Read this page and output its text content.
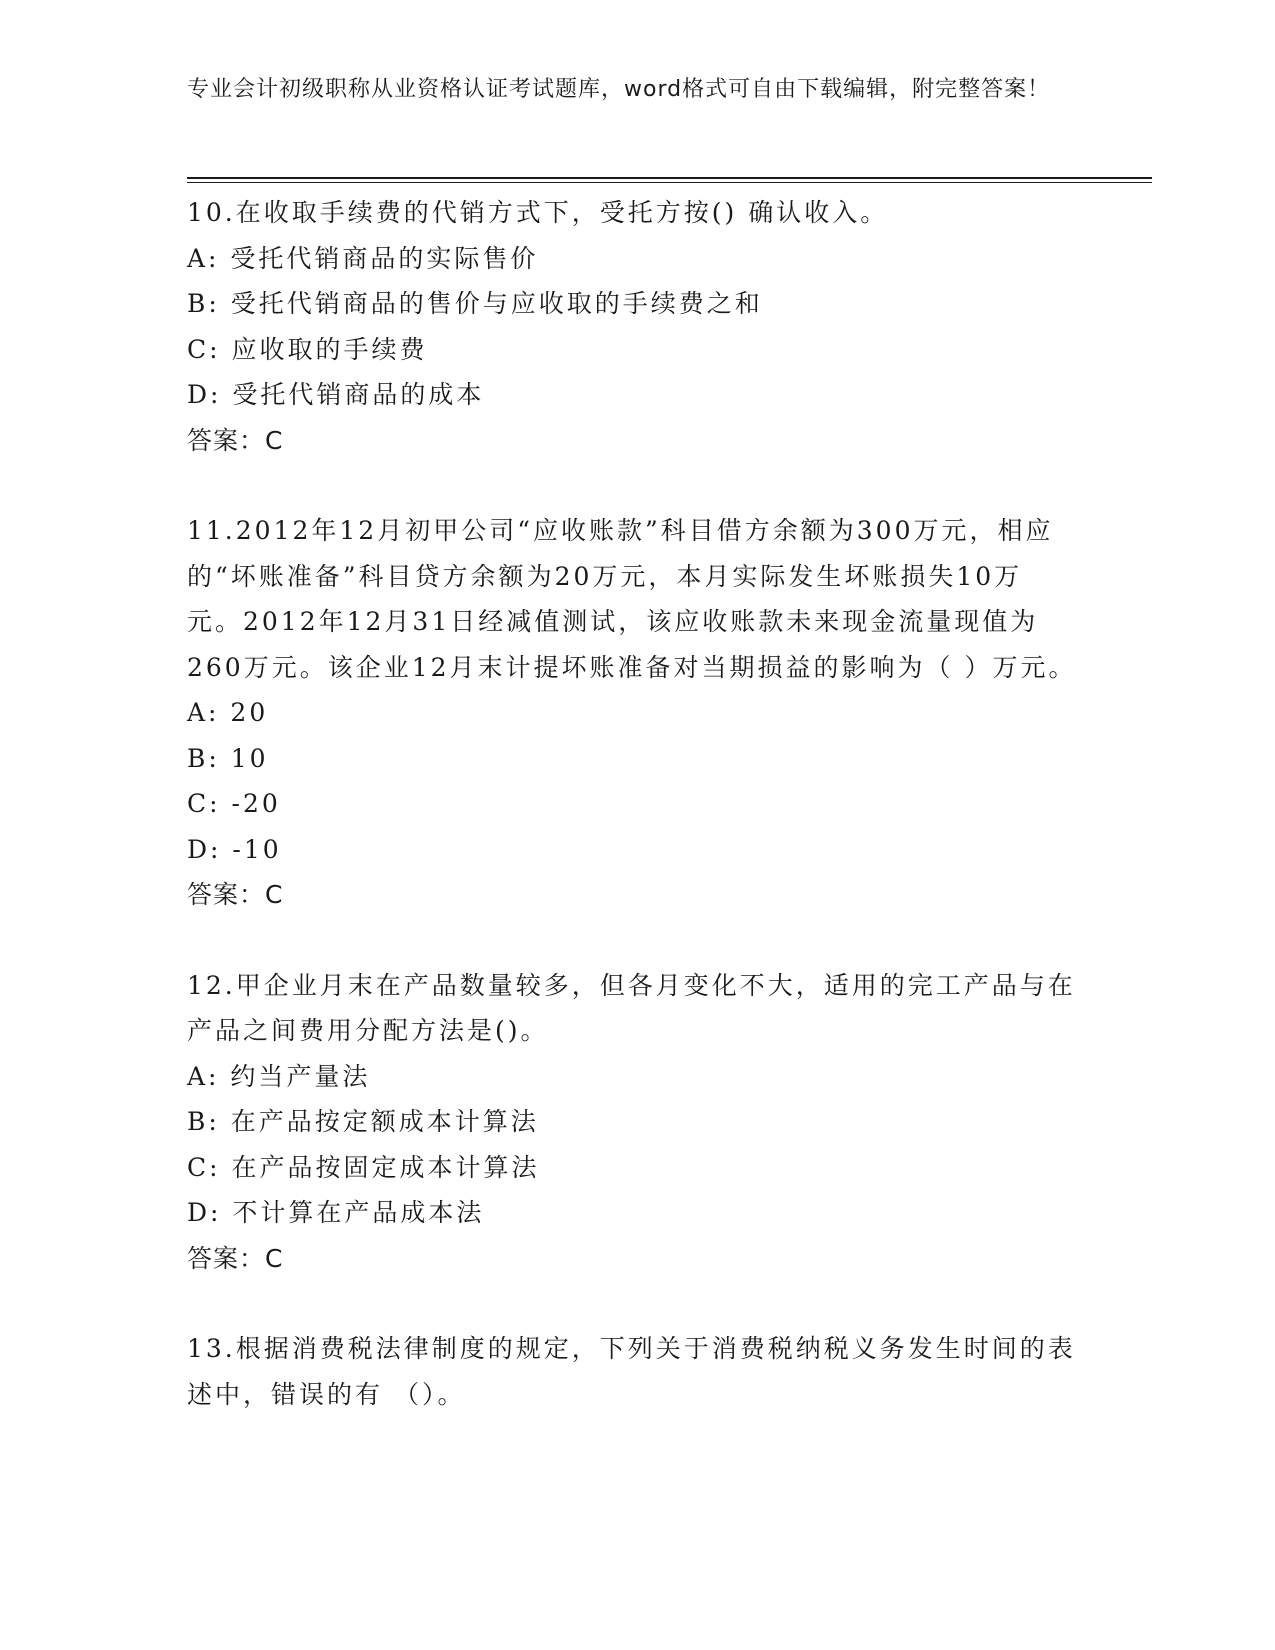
专业会计初级职称从业资格认证考试题库，word格式可自由下载编辑，附完整答案！

10.在收取手续费的代销方式下，受托方按() 确认收入。

A: 受托代销商品的实际售价

B: 受托代销商品的售价与应收取的手续费之和

C: 应收取的手续费

D: 受托代销商品的成本

答案：C

11.2012年12月初甲公司“应收账款”科目借方余额为300万元，相应的“坏账准备”科目贷方余额为20万元，本月实际发生坏账损失10万元。2012年12月31日经减值测试，该应收账款未来现金流量现值为260万元。该企业12月末计提坏账准备对当期损益的影响为（ ）万元。

A: 20

B: 10

C: -20

D: -10

答案：C

12.甲企业月末在产品数量较多，但各月变化不大，适用的完工产品与在产品之间费用分配方法是()。

A: 约当产量法

B: 在产品按定额成本计算法

C: 在产品按固定成本计算法

D: 不计算在产品成本法

答案：C

13.根据消费税法律制度的规定，下列关于消费税纳税义务发生时间的表述中，错误的有 （）。
